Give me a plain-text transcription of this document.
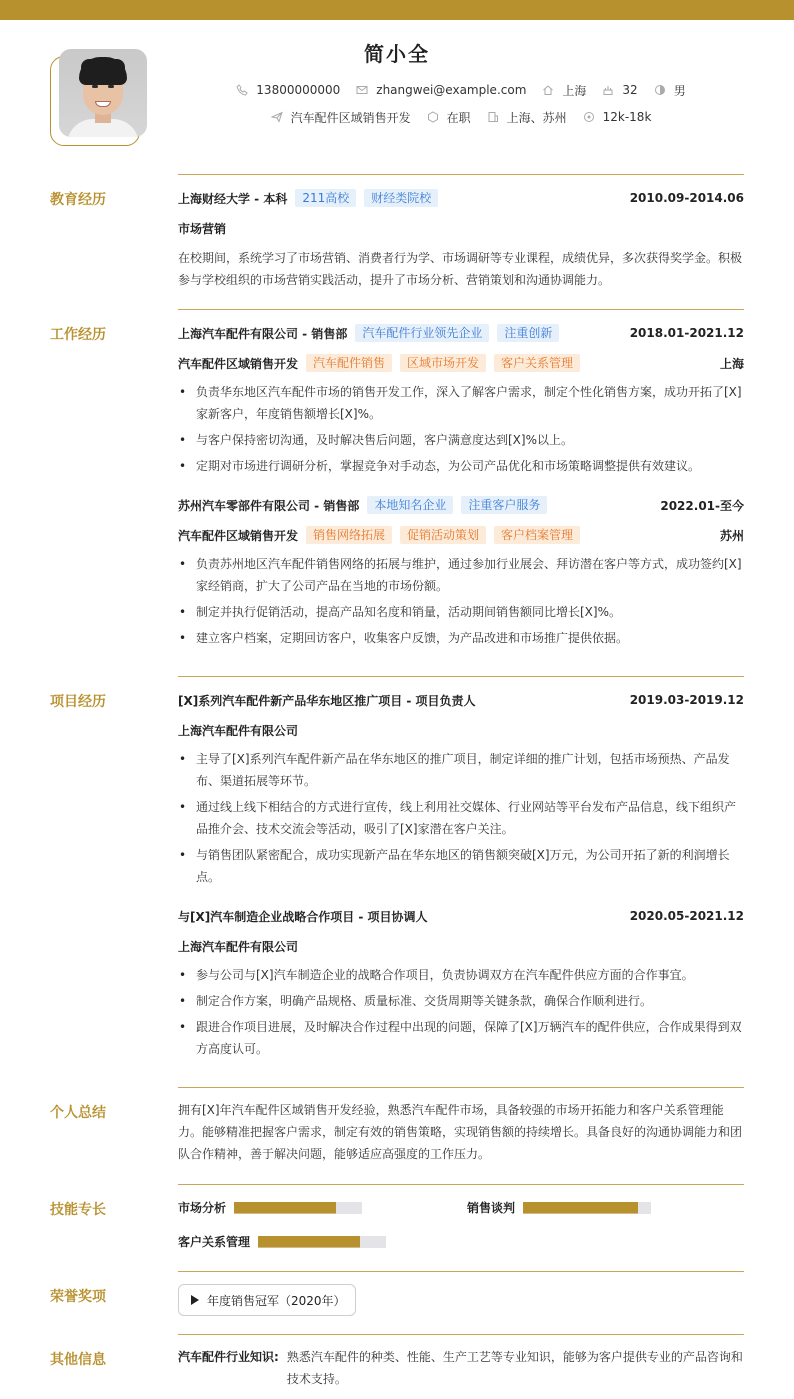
简小全
13800000000	zhangwei@example.com	上海	32	男
汽车配件区域销售开发	在职	上海、苏州	12k-18k
教育经历	上海财经大学 - 本科	211高校	财经类院校	2010.09-2014.06
市场营销
在校期间，系统学习了市场营销、消费者行为学、市场调研等专业课程，成绩优异，多次获得奖学金。积极参与学校组织的市场营销实践活动，提升了市场分析、营销策划和沟通协调能力。
工作经历	上海汽车配件有限公司 - 销售部	汽车配件行业领先企业	注重创新	2018.01-2021.12
汽车配件区域销售开发	汽车配件销售	区域市场开发	客户关系管理	上海
• 负责华东地区汽车配件市场的销售开发工作，深入了解客户需求，制定个性化销售方案，成功开拓了[X]家新客户，年度销售额增长[X]%。
• 与客户保持密切沟通，及时解决售后问题，客户满意度达到[X]%以上。
• 定期对市场进行调研分析，掌握竞争对手动态，为公司产品优化和市场策略调整提供有效建议。
苏州汽车零部件有限公司 - 销售部	本地知名企业	注重客户服务	2022.01-至今
汽车配件区域销售开发	销售网络拓展	促销活动策划	客户档案管理	苏州
• 负责苏州地区汽车配件销售网络的拓展与维护，通过参加行业展会、拜访潜在客户等方式，成功签约[X]家经销商，扩大了公司产品在当地的市场份额。
• 制定并执行促销活动，提高产品知名度和销量，活动期间销售额同比增长[X]%。
• 建立客户档案，定期回访客户，收集客户反馈，为产品改进和市场推广提供依据。
项目经历	[X]系列汽车配件新产品华东地区推广项目 - 项目负责人	2019.03-2019.12
上海汽车配件有限公司
• 主导了[X]系列汽车配件新产品在华东地区的推广项目，制定详细的推广计划，包括市场预热、产品发布、渠道拓展等环节。
• 通过线上线下相结合的方式进行宣传，线上利用社交媒体、行业网站等平台发布产品信息，线下组织产品推介会、技术交流会等活动，吸引了[X]家潜在客户关注。
• 与销售团队紧密配合，成功实现新产品在华东地区的销售额突破[X]万元，为公司开拓了新的利润增长点。
与[X]汽车制造企业战略合作项目 - 项目协调人	2020.05-2021.12
上海汽车配件有限公司
• 参与公司与[X]汽车制造企业的战略合作项目，负责协调双方在汽车配件供应方面的合作事宜。
• 制定合作方案，明确产品规格、质量标准、交货周期等关键条款，确保合作顺利进行。
• 跟进合作项目进展，及时解决合作过程中出现的问题，保障了[X]万辆汽车的配件供应，合作成果得到双方高度认可。
个人总结	拥有[X]年汽车配件区域销售开发经验，熟悉汽车配件市场，具备较强的市场开拓能力和客户关系管理能力。能够精准把握客户需求，制定有效的销售策略，实现销售额的持续增长。具备良好的沟通协调能力和团队合作精神，善于解决问题，能够适应高强度的工作压力。
技能专长	市场分析	销售谈判
客户关系管理
荣誉奖项	年度销售冠军（2020年）
其他信息	汽车配件行业知识: 熟悉汽车配件的种类、性能、生产工艺等专业知识，能够为客户提供专业的产品咨询和技术支持。
